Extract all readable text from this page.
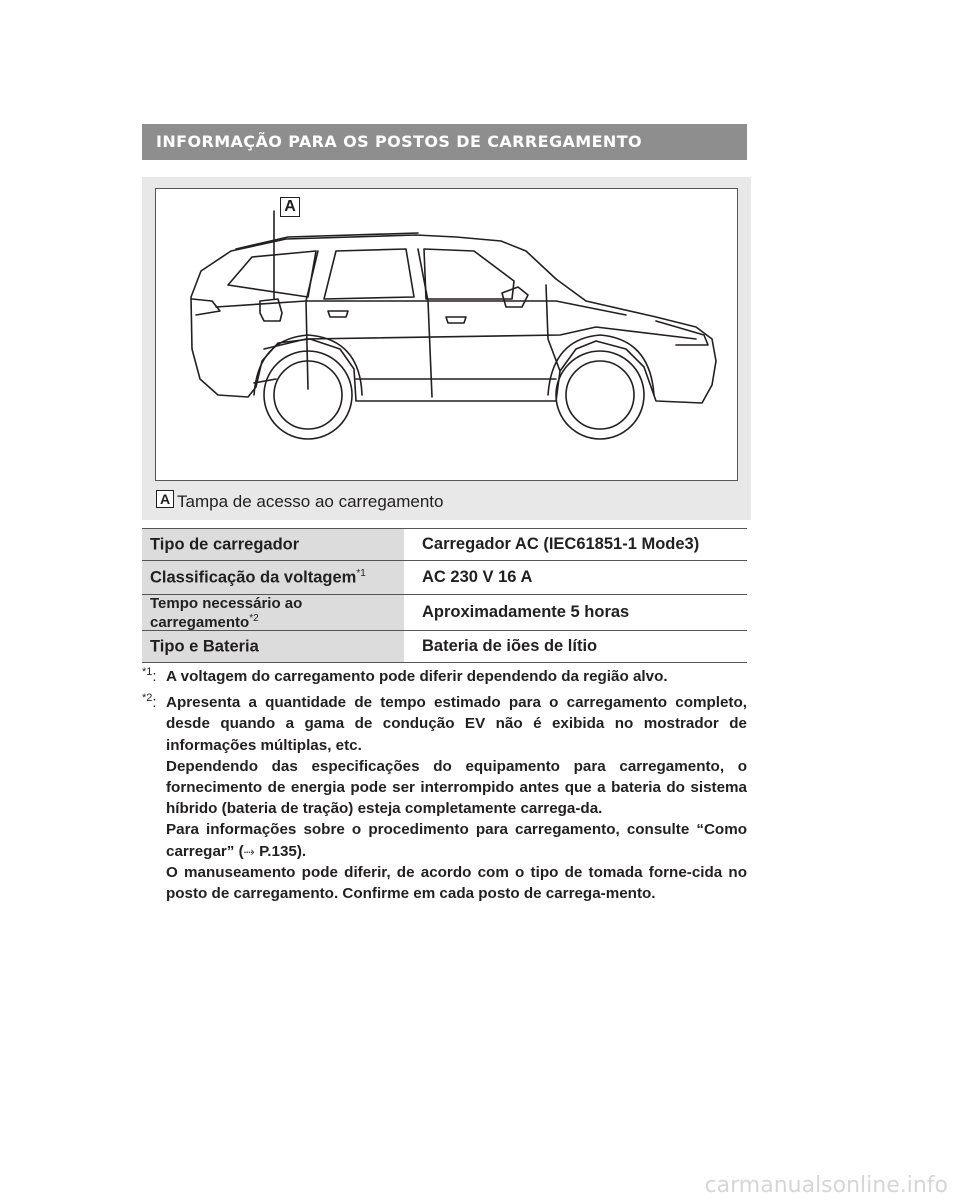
INFORMAÇÃO PARA OS POSTOS DE CARREGAMENTO
A
A Tampa de acesso ao carregamento
Tipo de carregador	Carregador AC (IEC61851-1 Mode3)
Classificação da voltagem$^{*1}$	AC 230 V 16 A
Tempo necessário ao carregamento$^{*2}$	Aproximadamente 5 horas
Tipo e Bateria	Bateria de iões de lítio
$^{*1}$: A voltagem do carregamento pode diferir dependendo da região alvo.

$^{*2}$: Apresenta a quantidade de tempo estimado para o carregamento completo, desde quando a gama de condução EV não é exibida no mostrador de informações múltiplas, etc.

Dependendo das especificações do equipamento para carregamento, o fornecimento de energia pode ser interrompido antes que a bateria do sistema híbrido (bateria de tração) esteja completamente carrega-da.

Para informações sobre o procedimento para carregamento, consulte “Como carregar” (⤑ P.135).

O manuseamento pode diferir, de acordo com o tipo de tomada forne-cida no posto de carregamento. Confirme em cada posto de carrega-mento.

carmanualsonline.info
